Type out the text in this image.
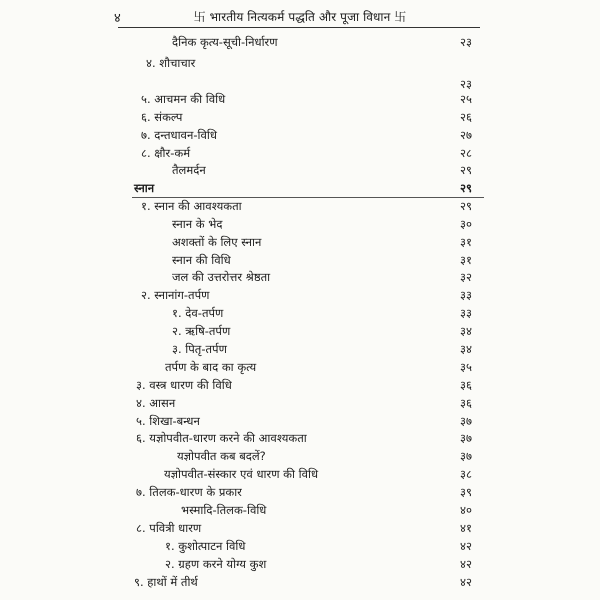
४	卐 भारतीय नित्यकर्म पद्धति और पूजा विधान 卐
दैनिक कृत्य-सूची-निर्धारण	२३
४. शौचाचार
२३
५. आचमन की विधि	२५
६. संकल्प	२६
७. दन्तधावन-विधि	२७
८. क्षौर-कर्म	२८
तैलमर्दन	२९
स्नान	२९
१. स्नान की आवश्यकता	२९
स्नान के भेद	३०
अशक्तों के लिए स्नान	३१
स्नान की विधि	३१
जल की उत्तरोत्तर श्रेष्ठता	३२
२. स्नानांग-तर्पण	३३
१. देव-तर्पण	३३
२. ऋषि-तर्पण	३४
३. पितृ-तर्पण	३४
तर्पण के बाद का कृत्य	३५
३. वस्त्र धारण की विधि	३६
४. आसन	३६
५. शिखा-बन्धन	३७
६. यज्ञोपवीत-धारण करने की आवश्यकता	३७
यज्ञोपवीत कब बदलें?	३७
यज्ञोपवीत-संस्कार एवं धारण की विधि	३८
७. तिलक-धारण के प्रकार	३९
भस्मादि-तिलक-विधि	४०
८. पवित्री धारण	४१
१. कुशोत्पाटन विधि	४२
२. ग्रहण करने योग्य कुश	४२
९. हाथों में तीर्थ	४२
